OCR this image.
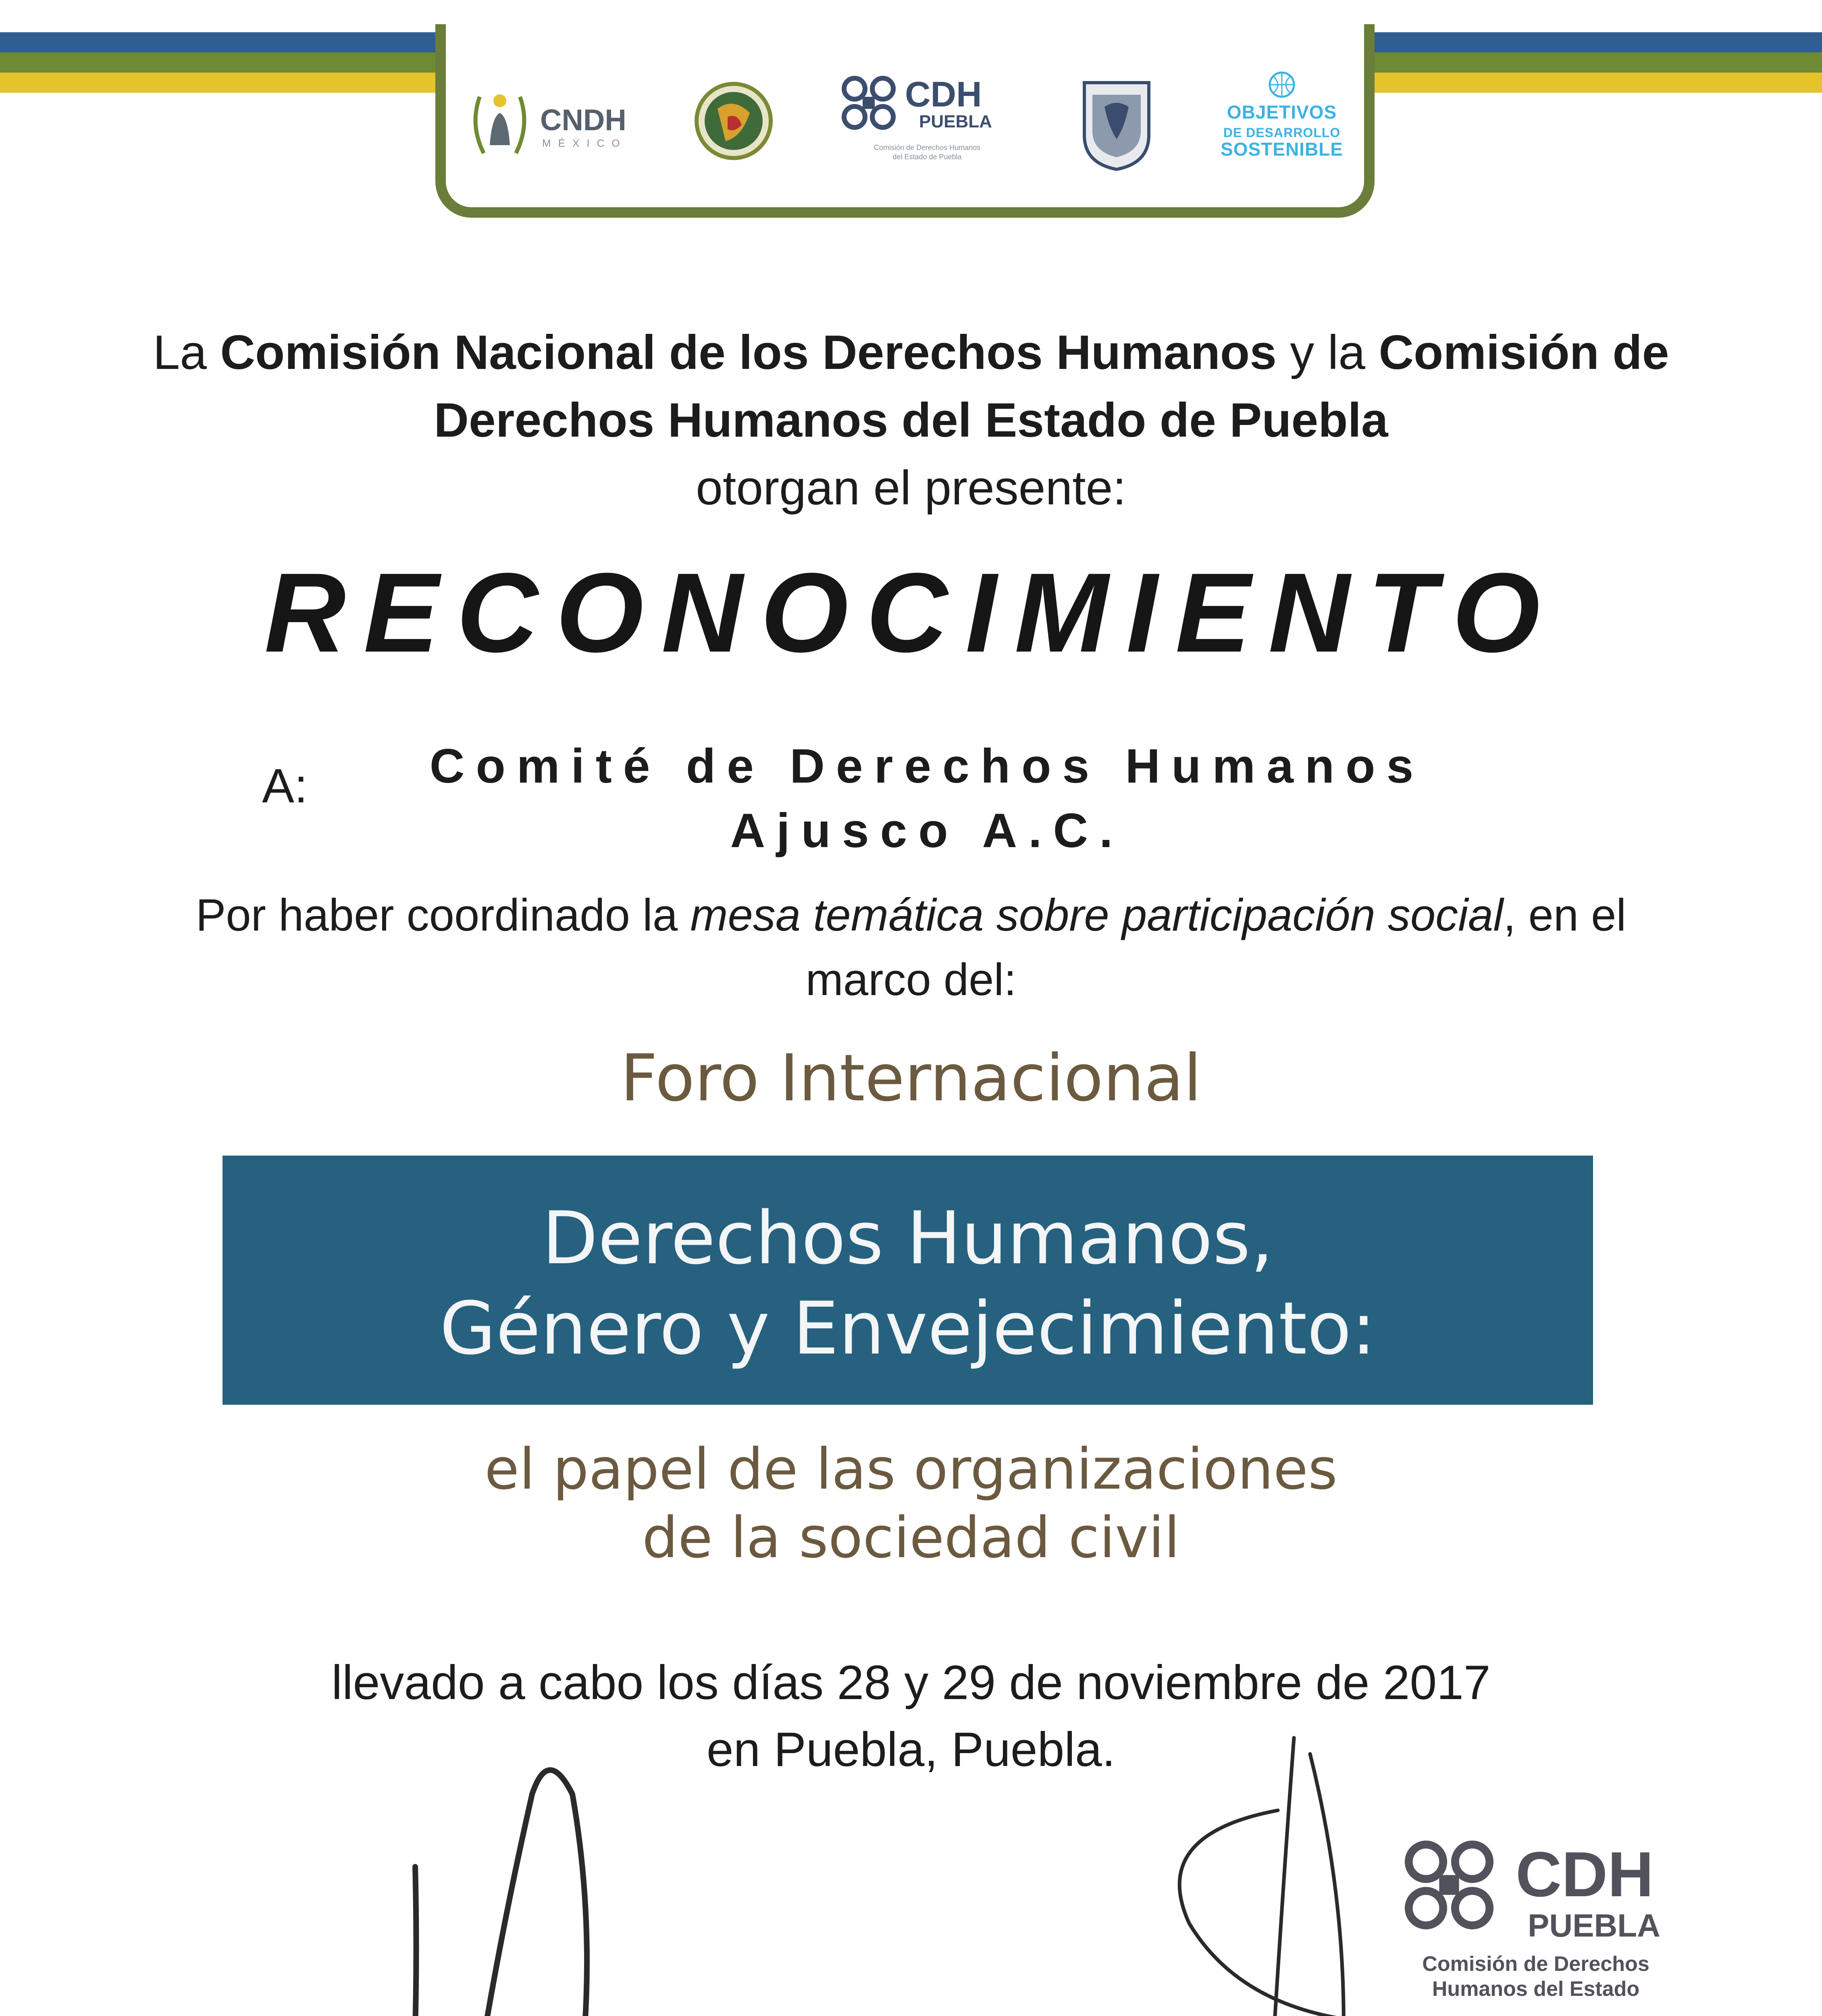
CNDH
MÉXICO
CDH
PUEBLA
Comisión de Derechos Humanos
del Estado de Puebla
OBJETIVOS
DE DESARROLLO
SOSTENIBLE
La Comisión Nacional de los Derechos Humanos y la Comisión de Derechos Humanos del Estado de Puebla
otorgan el presente:
RECONOCIMIENTO
A:	Comité de Derechos Humanos
Ajusco A.C.
Por haber coordinado la mesa temática sobre participación social, en el marco del:
Foro Internacional
Derechos Humanos,
Género y Envejecimiento:
el papel de las organizaciones
de la sociedad civil
llevado a cabo los días 28 y 29 de noviembre de 2017
en Puebla, Puebla.
CDH
PUEBLA
Comisión de Derechos
Humanos del Estado
